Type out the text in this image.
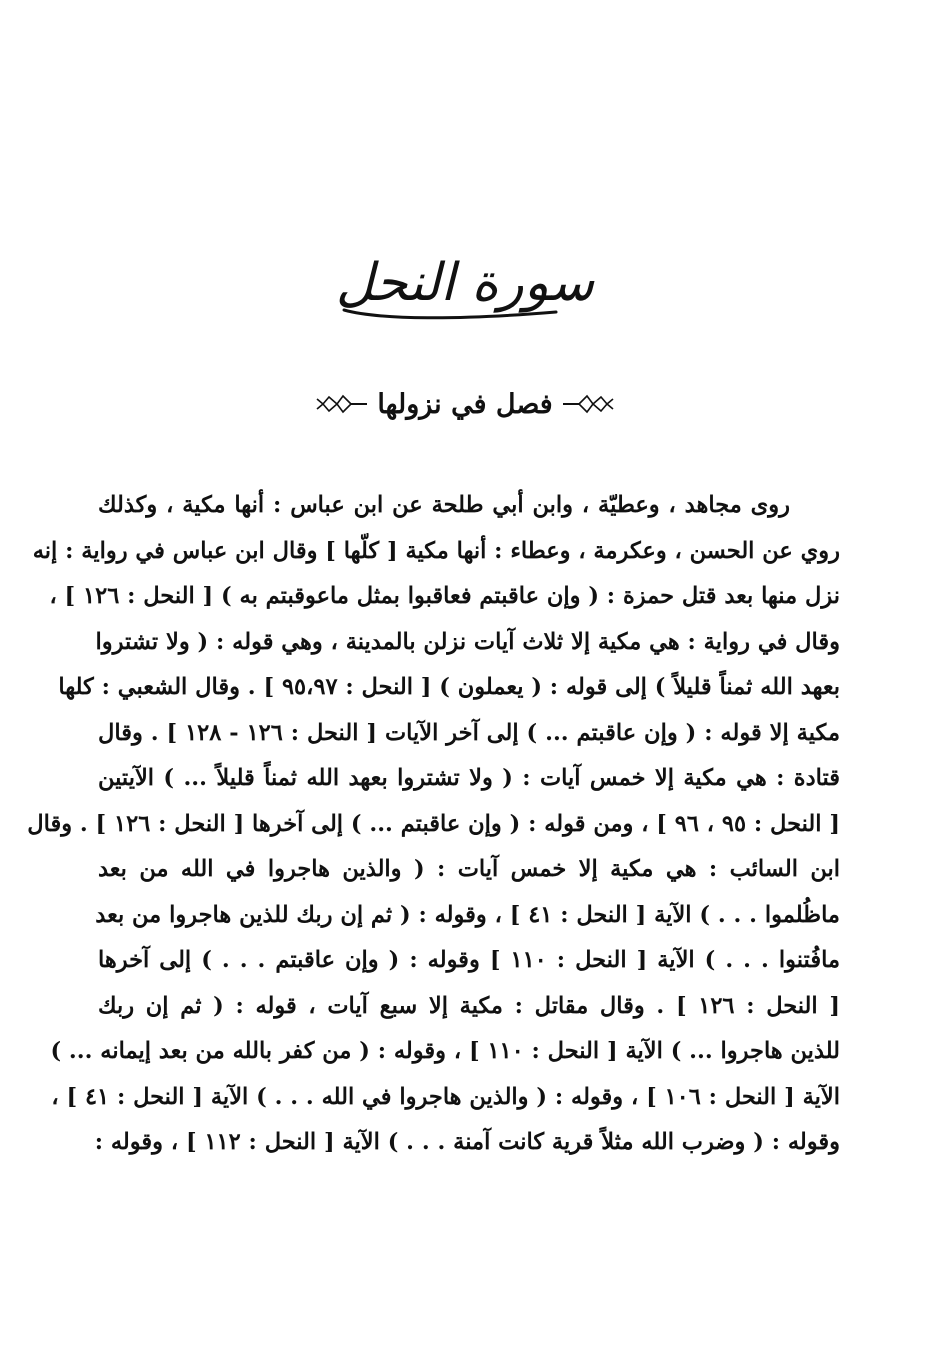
سورة النحل
فصل في نزولها
روى مجاهد ، وعطيّة ، وابن أبي طلحة عن ابن عباس : أنها مكية ، وكذلك
روي عن الحسن ، وعكرمة ، وعطاء : أنها مكية [ كلّها ] وقال ابن عباس في رواية : إنه
نزل منها بعد قتل حمزة : ( وإن عاقبتم فعاقبوا بمثل ماعوقبتم به ) [ النحل : ١٢٦ ] ،
وقال في رواية : هي مكية إلا ثلاث آيات نزلن بالمدينة ، وهي قوله : ( ولا تشتروا
بعهد الله ثمناً قليلاً ) إلى قوله : ( يعملون ) [ النحل : ٩٥،٩٧ ] . وقال الشعبي : كلها
مكية إلا قوله : ( وإن عاقبتم ... ) إلى آخر الآيات [ النحل : ١٢٦ - ١٢٨ ] . وقال
قتادة : هي مكية إلا خمس آيات : ( ولا تشتروا بعهد الله ثمناً قليلاً ... ) الآيتين
[ النحل : ٩٥ ، ٩٦ ] ، ومن قوله : ( وإن عاقبتم ... ) إلى آخرها [ النحل : ١٢٦ ] . وقال
ابن السائب : هي مكية إلا خمس آيات : ( والذين هاجروا في الله من بعد
ماظُلموا . . . ) الآية [ النحل : ٤١ ] ، وقوله : ( ثم إن ربك للذين هاجروا من بعد
مافُتنوا . . . ) الآية [ النحل : ١١٠ ] وقوله : ( وإن عاقبتم . . . ) إلى آخرها
[ النحل : ١٢٦ ] . وقال مقاتل : مكية إلا سبع آيات ، قوله : ( ثم إن ربك
للذين هاجروا ... ) الآية [ النحل : ١١٠ ] ، وقوله : ( من كفر بالله من بعد إيمانه ... )
الآية [ النحل : ١٠٦ ] ، وقوله : ( والذين هاجروا في الله . . . ) الآية [ النحل : ٤١ ] ،
وقوله : ( وضرب الله مثلاً قرية كانت آمنة . . . ) الآية [ النحل : ١١٢ ] ، وقوله :
